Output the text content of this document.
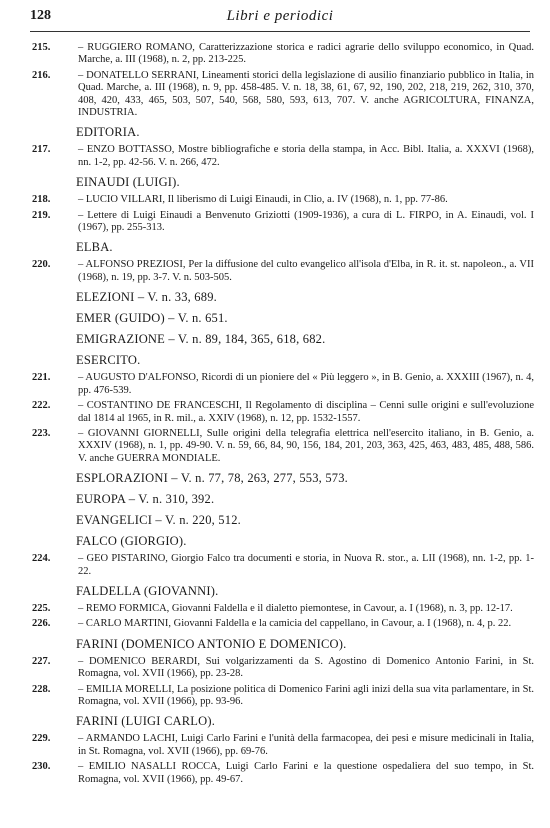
128	Libri e periodici
215.	– RUGGIERO ROMANO, Caratterizzazione storica e radici agrarie dello sviluppo economico, in Quad. Marche, a. III (1968), n. 2, pp. 213-225.
216.	– DONATELLO SERRANI, Lineamenti storici della legislazione di ausilio finanziario pubblico in Italia, in Quad. Marche, a. III (1968), n. 9, pp. 458-485. V. n. 18, 38, 61, 67, 92, 190, 202, 218, 219, 262, 310, 370, 408, 420, 433, 465, 503, 507, 540, 568, 580, 593, 613, 707. V. anche AGRICOLTURA, FINANZA, INDUSTRIA.
EDITORIA.
217.	– ENZO BOTTASSO, Mostre bibliografiche e storia della stampa, in Acc. Bibl. Italia, a. XXXVI (1968), nn. 1-2, pp. 42-56. V. n. 266, 472.
EINAUDI (LUIGI).
218.	– LUCIO VILLARI, Il liberismo di Luigi Einaudi, in Clio, a. IV (1968), n. 1, pp. 77-86.
219.	– Lettere di Luigi Einaudi a Benvenuto Griziotti (1909-1936), a cura di L. FIRPO, in A. Einaudi, vol. I (1967), pp. 255-313.
ELBA.
220.	– ALFONSO PREZIOSI, Per la diffusione del culto evangelico all'isola d'Elba, in R. it. st. napoleon., a. VII (1968), n. 19, pp. 3-7. V. n. 503-505.
ELEZIONI – V. n. 33, 689.
EMER (GUIDO) – V. n. 651.
EMIGRAZIONE – V. n. 89, 184, 365, 618, 682.
ESERCITO.
221.	– AUGUSTO D'ALFONSO, Ricordi di un pioniere del « Più leggero », in B. Genio, a. XXXIII (1967), n. 4, pp. 476-539.
222.	– COSTANTINO DE FRANCESCHI, Il Regolamento di disciplina – Cenni sulle origini e sull'evoluzione dal 1814 al 1965, in R. mil., a. XXIV (1968), n. 12, pp. 1532-1557.
223.	– GIOVANNI GIORNELLI, Sulle origini della telegrafia elettrica nell'esercito italiano, in B. Genio, a. XXXIV (1968), n. 1, pp. 49-90. V. n. 59, 66, 84, 90, 156, 184, 201, 203, 363, 425, 463, 483, 485, 488, 586. V. anche GUERRA MONDIALE.
ESPLORAZIONI – V. n. 77, 78, 263, 277, 553, 573.
EUROPA – V. n. 310, 392.
EVANGELICI – V. n. 220, 512.
FALCO (GIORGIO).
224.	– GEO PISTARINO, Giorgio Falco tra documenti e storia, in Nuova R. stor., a. LII (1968), nn. 1-2, pp. 1-22.
FALDELLA (GIOVANNI).
225.	– REMO FORMICA, Giovanni Faldella e il dialetto piemontese, in Cavour, a. I (1968), n. 3, pp. 12-17.
226.	– CARLO MARTINI, Giovanni Faldella e la camicia del cappellano, in Cavour, a. I (1968), n. 4, p. 22.
FARINI (DOMENICO ANTONIO E DOMENICO).
227.	– DOMENICO BERARDI, Sui volgarizzamenti da S. Agostino di Domenico Antonio Farini, in St. Romagna, vol. XVII (1966), pp. 23-28.
228.	– EMILIA MORELLI, La posizione politica di Domenico Farini agli inizi della sua vita parlamentare, in St. Romagna, vol. XVII (1966), pp. 93-96.
FARINI (LUIGI CARLO).
229.	– ARMANDO LACHI, Luigi Carlo Farini e l'unità della farmacopea, dei pesi e misure medicinali in Italia, in St. Romagna, vol. XVII (1966), pp. 69-76.
230.	– EMILIO NASALLI ROCCA, Luigi Carlo Farini e la questione ospedaliera del suo tempo, in St. Romagna, vol. XVII (1966), pp. 49-67.
